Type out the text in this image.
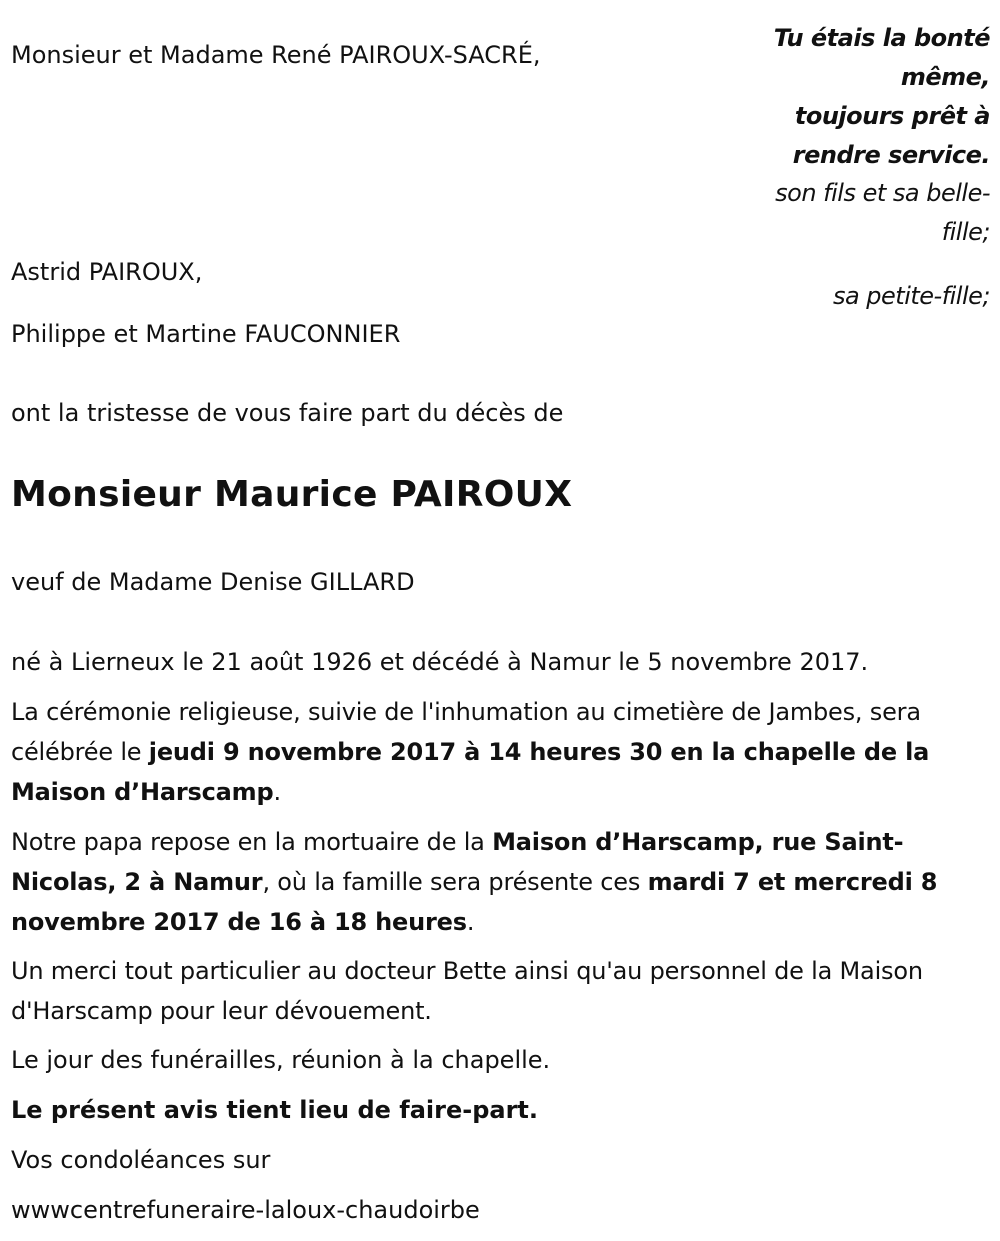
Tu étais la bonté
même,
toujours prêt à
rendre service.
son fils et sa belle-
fille;
sa petite-fille;
Monsieur et Madame René PAIROUX-SACRÉ,
Astrid PAIROUX,
Philippe et Martine FAUCONNIER
ont la tristesse de vous faire part du décès de
Monsieur Maurice PAIROUX
veuf de Madame Denise GILLARD
né à Lierneux le 21 août 1926 et décédé à Namur le 5 novembre 2017.
La cérémonie religieuse, suivie de l'inhumation au cimetière de Jambes, sera célébrée le jeudi 9 novembre 2017 à 14 heures 30 en la chapelle de la Maison d’Harscamp.
Notre papa repose en la mortuaire de la Maison d’Harscamp, rue Saint-Nicolas, 2 à Namur, où la famille sera présente ces mardi 7 et mercredi 8 novembre 2017 de 16 à 18 heures.
Un merci tout particulier au docteur Bette ainsi qu'au personnel de la Maison d'Harscamp pour leur dévouement.
Le jour des funérailles, réunion à la chapelle.
Le présent avis tient lieu de faire-part.
Vos condoléances sur
wwwcentrefuneraire-laloux-chaudoirbe
